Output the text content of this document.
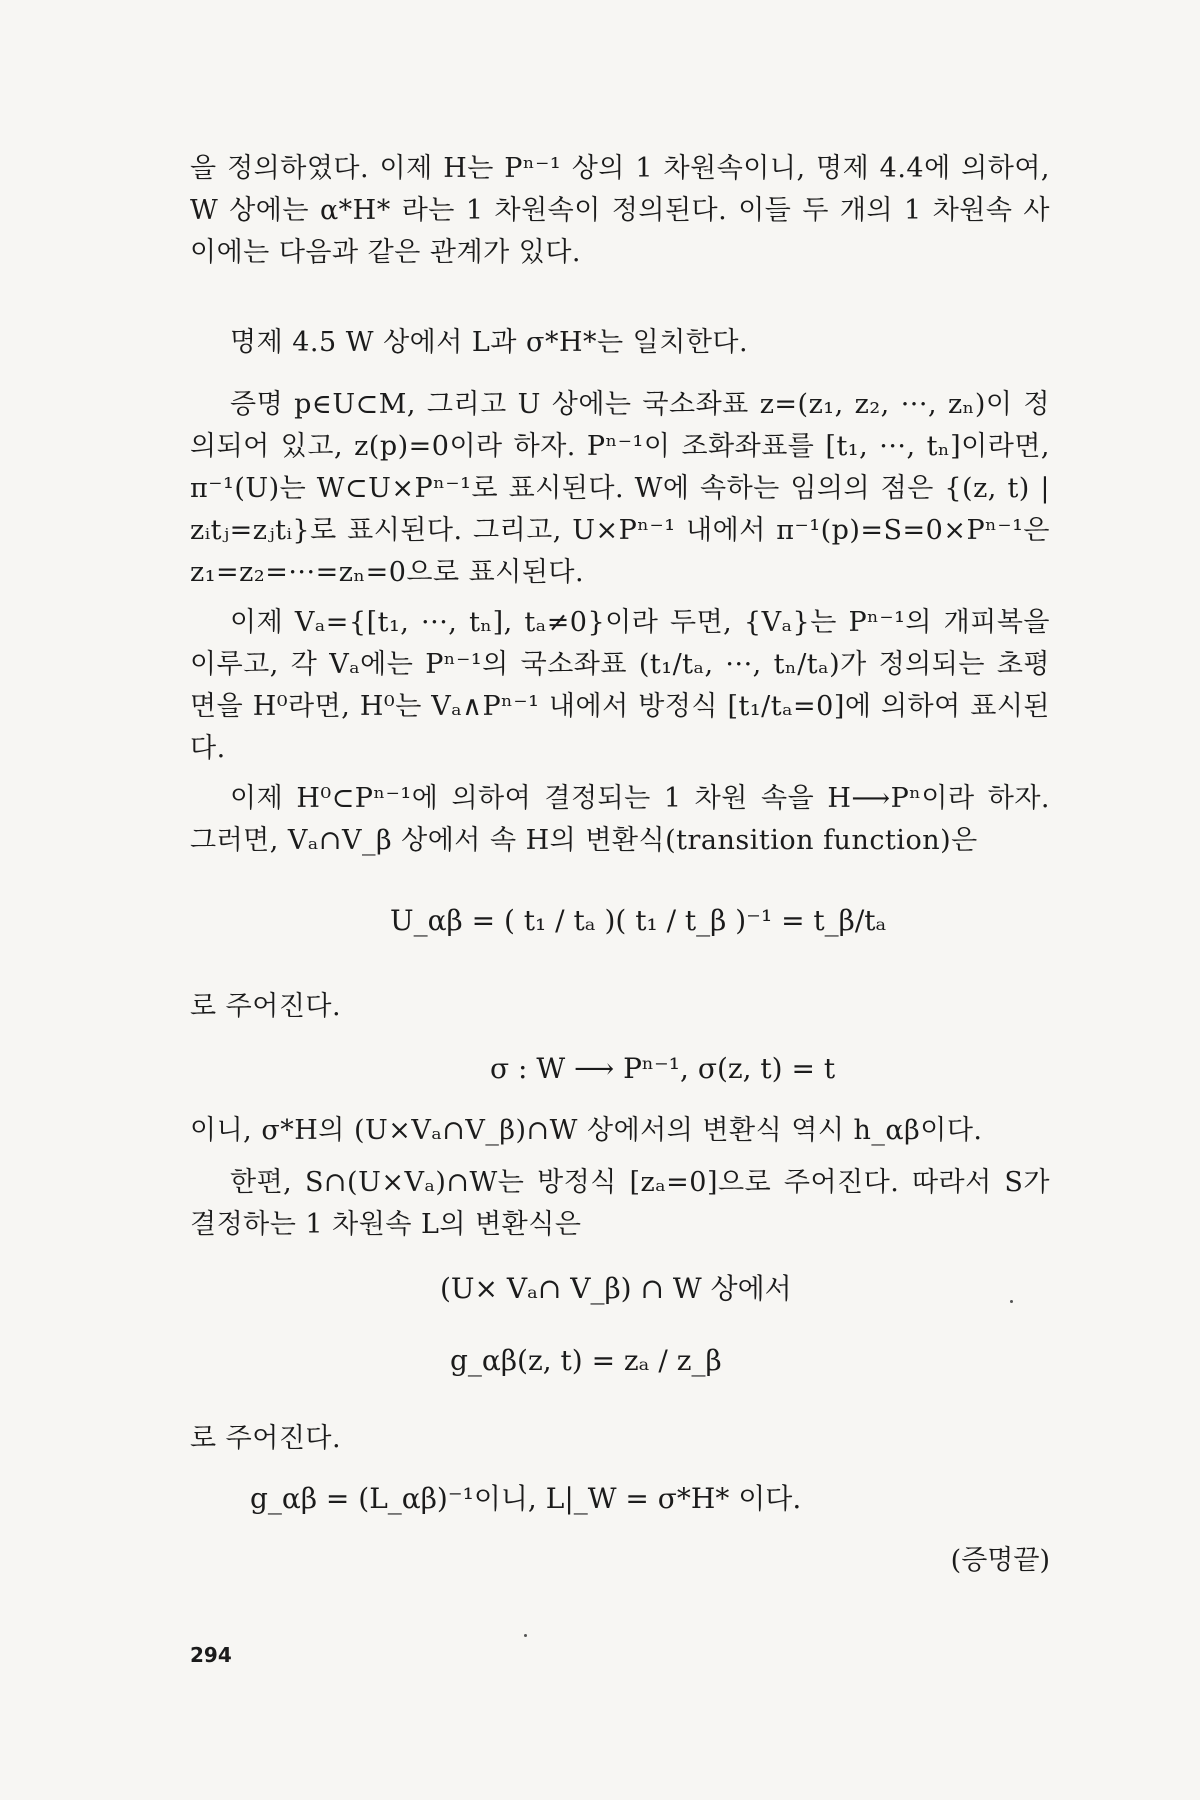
을 정의하였다. 이제 H는 Pⁿ⁻¹ 상의 1 차원속이니, 명제 4.4에 의하여, W 상에는 α*H* 라는 1 차원속이 정의된다. 이들 두 개의 1 차원속 사이에는 다음과 같은 관계가 있다.
명제 4.5 W 상에서 L과 σ*H*는 일치한다.
증명 p∈U⊂M, 그리고 U 상에는 국소좌표 z=(z₁, z₂, ···, zₙ)이 정의되어 있고, z(p)=0이라 하자. Pⁿ⁻¹이 조화좌표를 [t₁, ···, tₙ]이라면, π⁻¹(U)는 W⊂U×Pⁿ⁻¹로 표시된다. W에 속하는 임의의 점은 {(z, t) | zᵢtⱼ=zⱼtᵢ}로 표시된다. 그리고, U×Pⁿ⁻¹ 내에서 π⁻¹(p)=S=0×Pⁿ⁻¹은 z₁=z₂=···=zₙ=0으로 표시된다.
이제 Vₐ={[t₁, ···, tₙ], tₐ≠0}이라 두면, {Vₐ}는 Pⁿ⁻¹의 개피복을 이루고, 각 Vₐ에는 Pⁿ⁻¹의 국소좌표 (t₁/tₐ, ···, tₙ/tₐ)가 정의되는 초평면을 H⁰라면, H⁰는 Vₐ∧Pⁿ⁻¹ 내에서 방정식 [t₁/tₐ=0]에 의하여 표시된다.
이제 H⁰⊂Pⁿ⁻¹에 의하여 결정되는 1 차원 속을 H⟶Pⁿ이라 하자. 그러면, Vₐ∩V_β 상에서 속 H의 변환식(transition function)은
U_αβ = ( t₁ / tₐ )( t₁ / t_β )⁻¹ = t_β/tₐ
로 주어진다.
σ : W ⟶ Pⁿ⁻¹, σ(z, t) = t
이니, σ*H의 (U×Vₐ∩V_β)∩W 상에서의 변환식 역시 h_αβ이다.
한편, S∩(U×Vₐ)∩W는 방정식 [zₐ=0]으로 주어진다. 따라서 S가 결정하는 1 차원속 L의 변환식은
(U× Vₐ∩ V_β) ∩ W 상에서
g_αβ(z, t) = zₐ / z_β
로 주어진다.
g_αβ = (L_αβ)⁻¹이니, L|_W = σ*H* 이다.
(증명끝)
294
